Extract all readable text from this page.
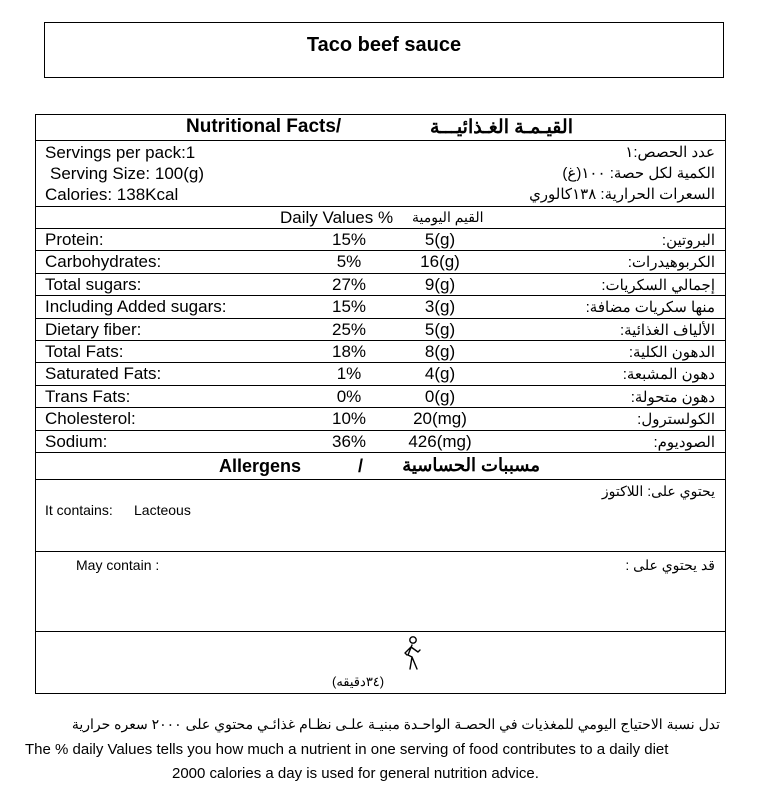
Taco beef sauce
Nutritional Facts/	القيـمـة الغـذائيـــة
Servings per pack:1	عدد الحصص:١
Serving Size: 100(g)	الكمية لكل حصة: ١٠٠(غ)
Calories: 138Kcal	السعرات الحرارية: ١٣٨كالوري
Daily Values % القيم اليومية
Protein:	15%	5(g)	البروتين:
Carbohydrates:	5%	16(g)	الكربوهيدرات:
Total sugars:	27%	9(g)	إجمالي السكريات:
Including Added sugars:	15%	3(g)	منها سكريات مضافة:
Dietary fiber:	25%	5(g)	الألياف الغذائية:
Total Fats:	18%	8(g)	الدهون الكلية:
Saturated Fats:	1%	4(g)	دهون المشبعة:
Trans Fats:	0%	0(g)	دهون متحولة:
Cholesterol:	10%	20(mg)	الكولسترول:
Sodium:	36%	426(mg)	الصوديوم:
Allergens	/ مسببات الحساسية
يحتوي على: اللاكتوز
It contains: Lacteous
May contain :	قد يحتوي على :
(٣٤دقيقه)
تدل نسبة الاحتياج اليومي للمغذيات في الحصـة الواحـدة مبنيـة علـى نظـام غذائـي محتوي على ٢٠٠٠ سعره حرارية
The % daily Values tells you how much a nutrient in one serving of food contributes to a daily diet
2000 calories a day is used for general nutrition advice.
